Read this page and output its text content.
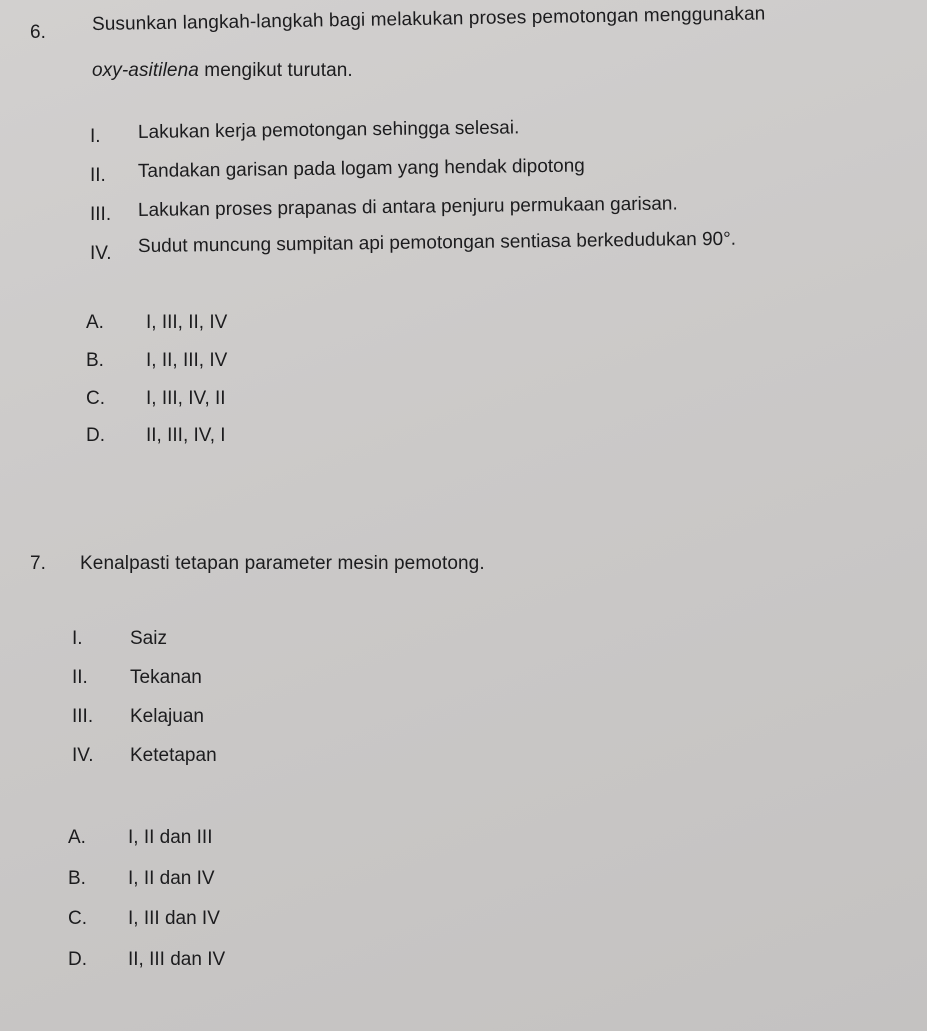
6. Susunkan langkah-langkah bagi melakukan proses pemotongan menggunakan
oxy-asitilena mengikut turutan.
I. Lakukan kerja pemotongan sehingga selesai.
II. Tandakan garisan pada logam yang hendak dipotong
III. Lakukan proses prapanas di antara penjuru permukaan garisan.
IV. Sudut muncung sumpitan api pemotongan sentiasa berkedudukan 90°.
A. I, III, II, IV
B. I, II, III, IV
C. I, III, IV, II
D. II, III, IV, I
7. Kenalpasti tetapan parameter mesin pemotong.
I. Saiz
II. Tekanan
III. Kelajuan
IV. Ketetapan
A. I, II dan III
B. I, II dan IV
C. I, III dan IV
D. II, III dan IV
